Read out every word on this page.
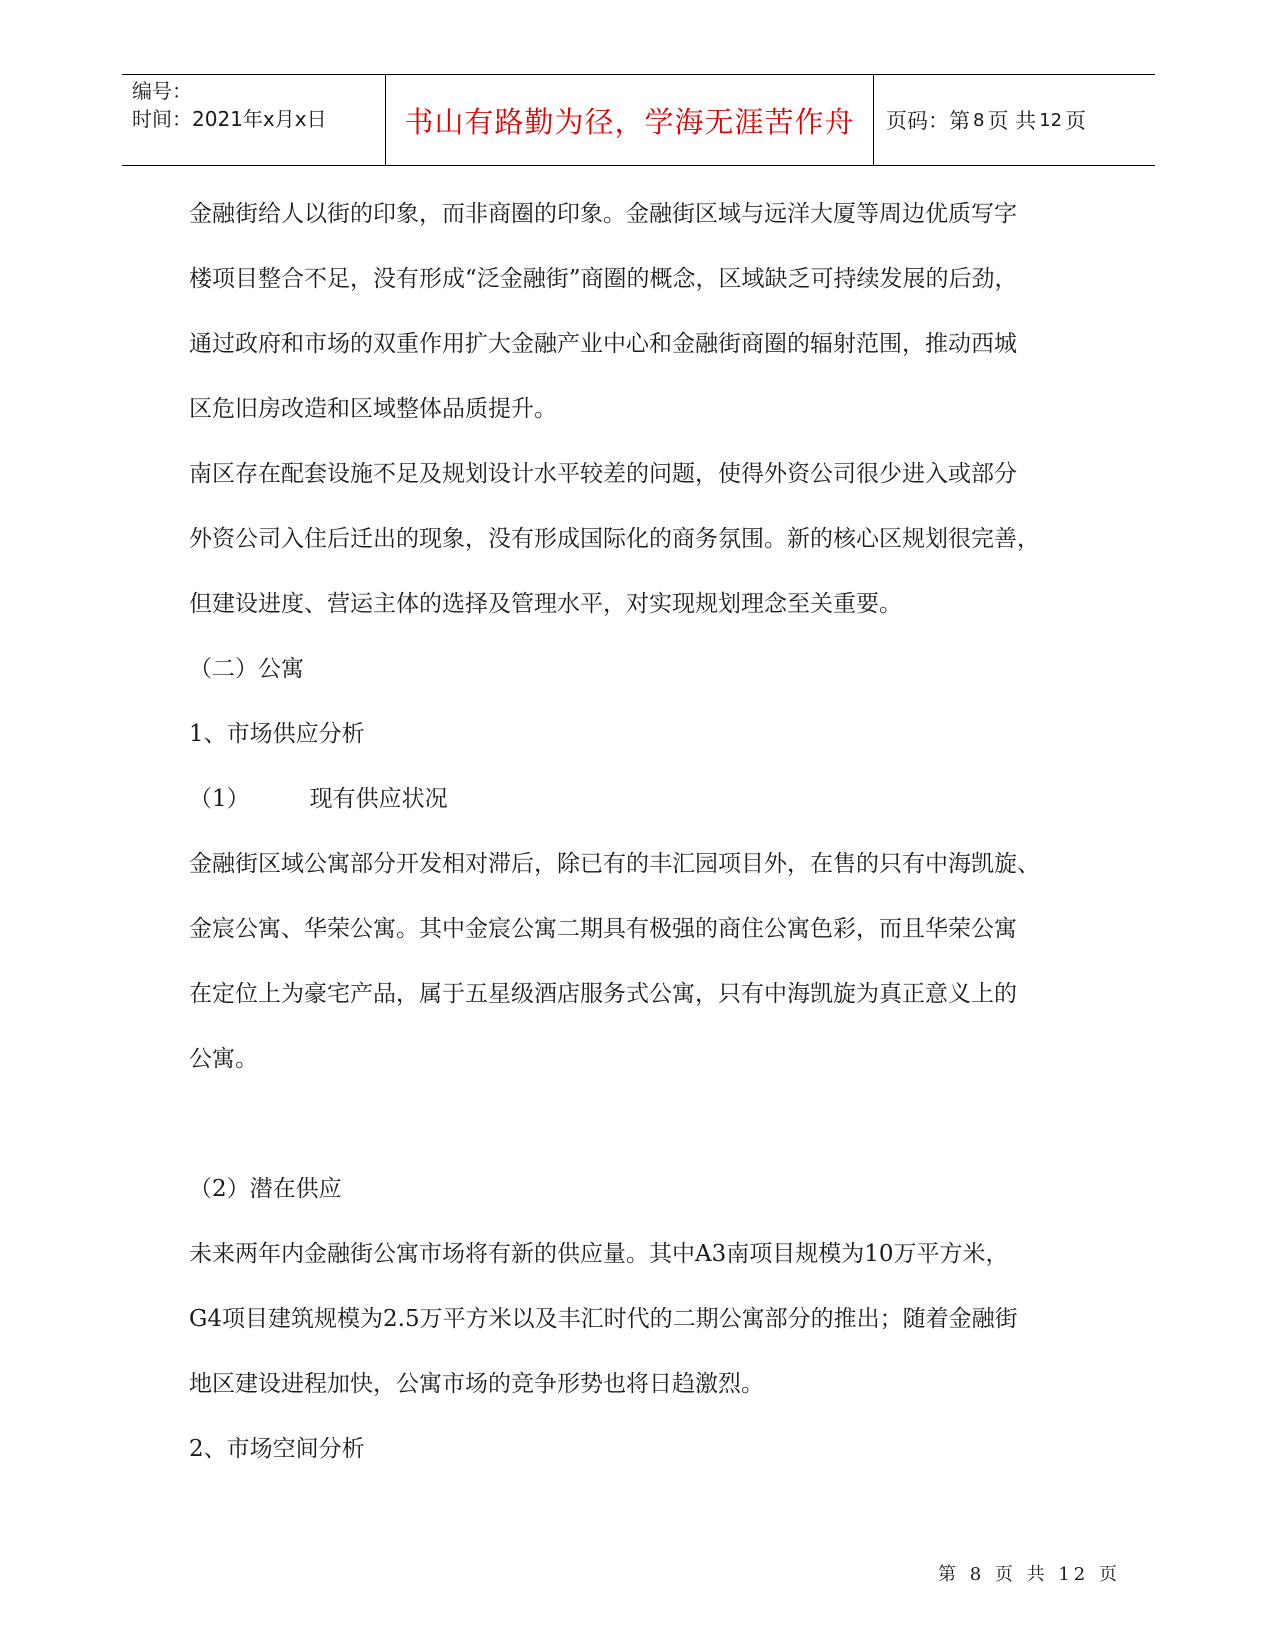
编号：
时间：2021年x月x日	书山有路勤为径，学海无涯苦作舟 页码：第 8 页 共 12 页
金融街给人以街的印象，而非商圈的印象。金融街区域与远洋大厦等周边优质写字
楼项目整合不足，没有形成“泛金融街”商圈的概念，区域缺乏可持续发展的后劲，
通过政府和市场的双重作用扩大金融产业中心和金融街商圈的辐射范围，推动西城
区危旧房改造和区域整体品质提升。
南区存在配套设施不足及规划设计水平较差的问题，使得外资公司很少进入或部分
外资公司入住后迁出的现象，没有形成国际化的商务氛围。新的核心区规划很完善，
但建设进度、营运主体的选择及管理水平，对实现规划理念至关重要。
（二）公寓
1、市场供应分析
（1）	现有供应状况
金融街区域公寓部分开发相对滞后，除已有的丰汇园项目外，在售的只有中海凯旋、
金宸公寓、华荣公寓。其中金宸公寓二期具有极强的商住公寓色彩，而且华荣公寓
在定位上为豪宅产品，属于五星级酒店服务式公寓，只有中海凯旋为真正意义上的
公寓。
（2）潜在供应
未来两年内金融街公寓市场将有新的供应量。其中A3南项目规模为10万平方米，
G4项目建筑规模为2.5万平方米以及丰汇时代的二期公寓部分的推出；随着金融街
地区建设进程加快，公寓市场的竞争形势也将日趋激烈。
2、市场空间分析
第 8 页 共 12 页
